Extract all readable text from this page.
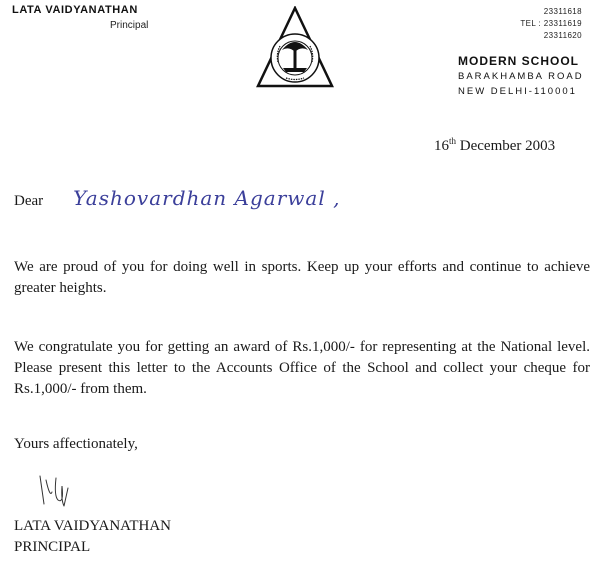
LATA VAIDYANATHAN
Principal
23311618
TEL : 23311619
23311620
MODERN SCHOOL
BARAKHAMBA ROAD
NEW DELHI-110001
16th December 2003
Dear Yashovardhan Agarwal ,
We are proud of you for doing well in sports. Keep up your efforts and continue to achieve greater heights.
We congratulate you for getting an award of Rs.1,000/- for representing at the National level. Please present this letter to the Accounts Office of the School and collect your cheque for Rs.1,000/- from them.
Yours affectionately,
LATA VAIDYANATHAN
PRINCIPAL
